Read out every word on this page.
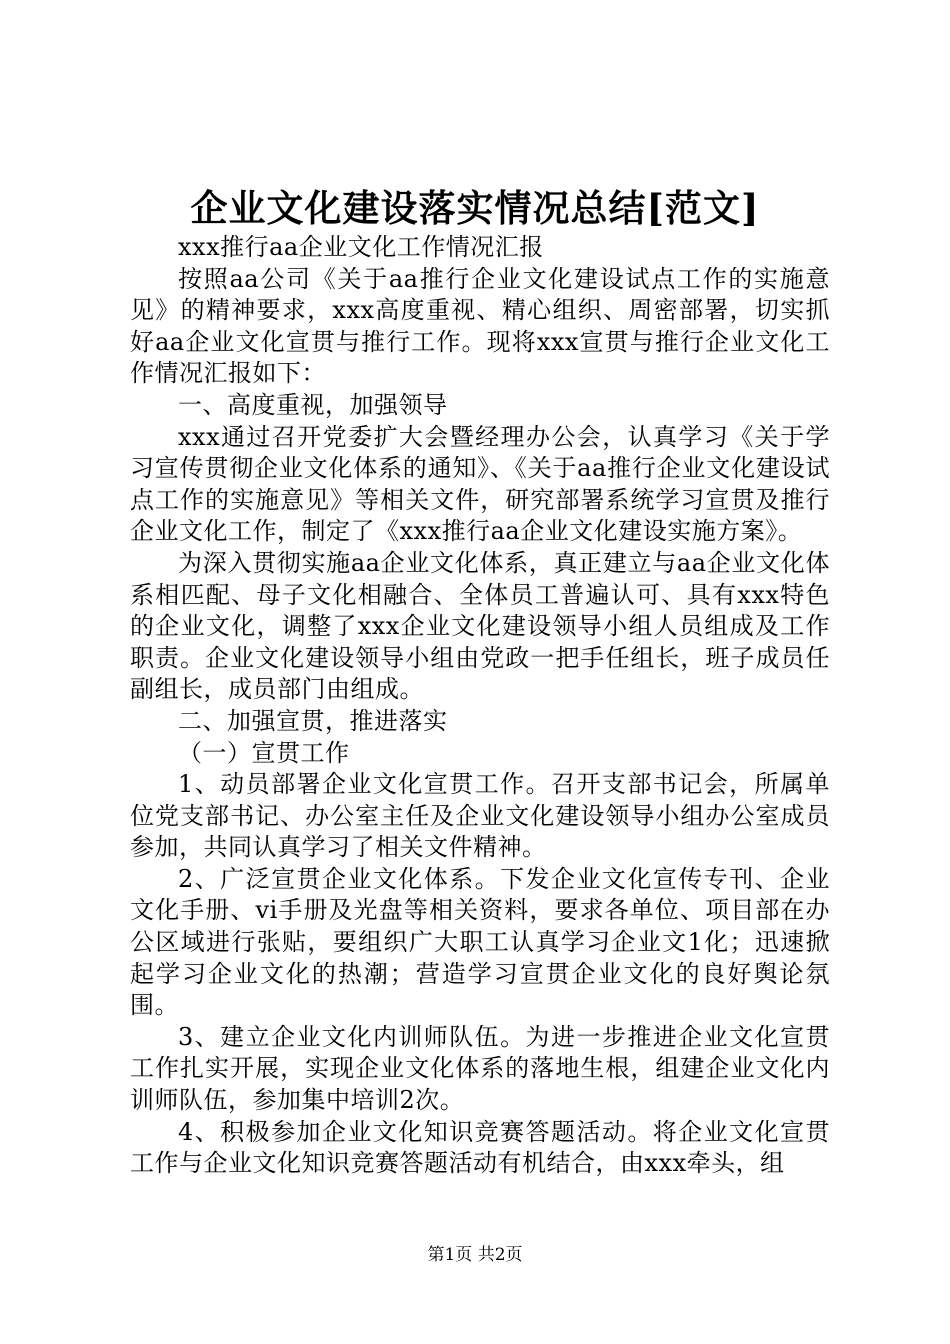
企业文化建设落实情况总结[范文]

xxx推行aa企业文化工作情况汇报

按照aa公司《关于aa推行企业文化建设试点工作的实施意见》的精神要求，xxx高度重视、精心组织、周密部署，切实抓好aa企业文化宣贯与推行工作。现将xxx宣贯与推行企业文化工作情况汇报如下：

一、高度重视，加强领导

xxx通过召开党委扩大会暨经理办公会，认真学习《关于学习宣传贯彻企业文化体系的通知》、《关于aa推行企业文化建设试点工作的实施意见》等相关文件，研究部署系统学习宣贯及推行企业文化工作，制定了《xxx推行aa企业文化建设实施方案》。

为深入贯彻实施aa企业文化体系，真正建立与aa企业文化体系相匹配、母子文化相融合、全体员工普遍认可、具有xxx特色的企业文化，调整了xxx企业文化建设领导小组人员组成及工作职责。企业文化建设领导小组由党政一把手任组长，班子成员任副组长，成员部门由组成。

二、加强宣贯，推进落实

（一）宣贯工作

1、动员部署企业文化宣贯工作。召开支部书记会，所属单位党支部书记、办公室主任及企业文化建设领导小组办公室成员参加，共同认真学习了相关文件精神。

2、广泛宣贯企业文化体系。下发企业文化宣传专刊、企业文化手册、vi手册及光盘等相关资料，要求各单位、项目部在办公区域进行张贴，要组织广大职工认真学习企业文1化；迅速掀起学习企业文化的热潮；营造学习宣贯企业文化的良好舆论氛围。

3、建立企业文化内训师队伍。为进一步推进企业文化宣贯工作扎实开展，实现企业文化体系的落地生根，组建企业文化内训师队伍，参加集中培训2次。

4、积极参加企业文化知识竞赛答题活动。将企业文化宣贯工作与企业文化知识竞赛答题活动有机结合，由xxx牵头，组

第1页 共2页
